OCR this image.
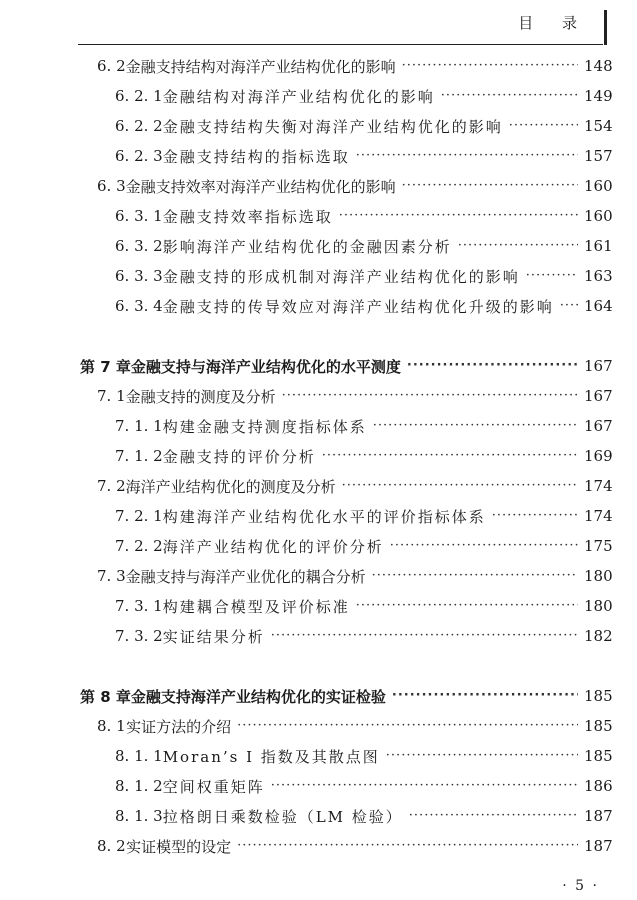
目 录
6. 2 金融支持结构对海洋产业结构优化的影响 ·····	148
6. 2. 1 金融结构对海洋产业结构优化的影响 ·····	149
6. 2. 2 金融支持结构失衡对海洋产业结构优化的影响 ·····	154
6. 2. 3 金融支持结构的指标选取 ·····	157
6. 3 金融支持效率对海洋产业结构优化的影响 ·····	160
6. 3. 1 金融支持效率指标选取 ·····	160
6. 3. 2 影响海洋产业结构优化的金融因素分析 ·····	161
6. 3. 3 金融支持的形成机制对海洋产业结构优化的影响 ·····	163
6. 3. 4 金融支持的传导效应对海洋产业结构优化升级的影响 ····· 164
第 7 章 金融支持与海洋产业结构优化的水平测度 ·····	167
7. 1 金融支持的测度及分析 ·····	167
7. 1. 1 构建金融支持测度指标体系 ·····	167
7. 1. 2 金融支持的评价分析 ·····	169
7. 2 海洋产业结构优化的测度及分析 ·····	174
7. 2. 1 构建海洋产业结构优化水平的评价指标体系 ·····	174
7. 2. 2 海洋产业结构优化的评价分析 ·····	175
7. 3 金融支持与海洋产业优化的耦合分析 ·····	180
7. 3. 1 构建耦合模型及评价标准 ·····	180
7. 3. 2 实证结果分析 ·····	182
第 8 章 金融支持海洋产业结构优化的实证检验 ·····	185
8. 1 实证方法的介绍 ·····	185
8. 1. 1 Moran’s I 指数及其散点图 ·····	185
8. 1. 2 空间权重矩阵 ·····	186
8. 1. 3 拉格朗日乘数检验（LM 检验） ·····	187
8. 2 实证模型的设定 ·····	187
· 5 ·
